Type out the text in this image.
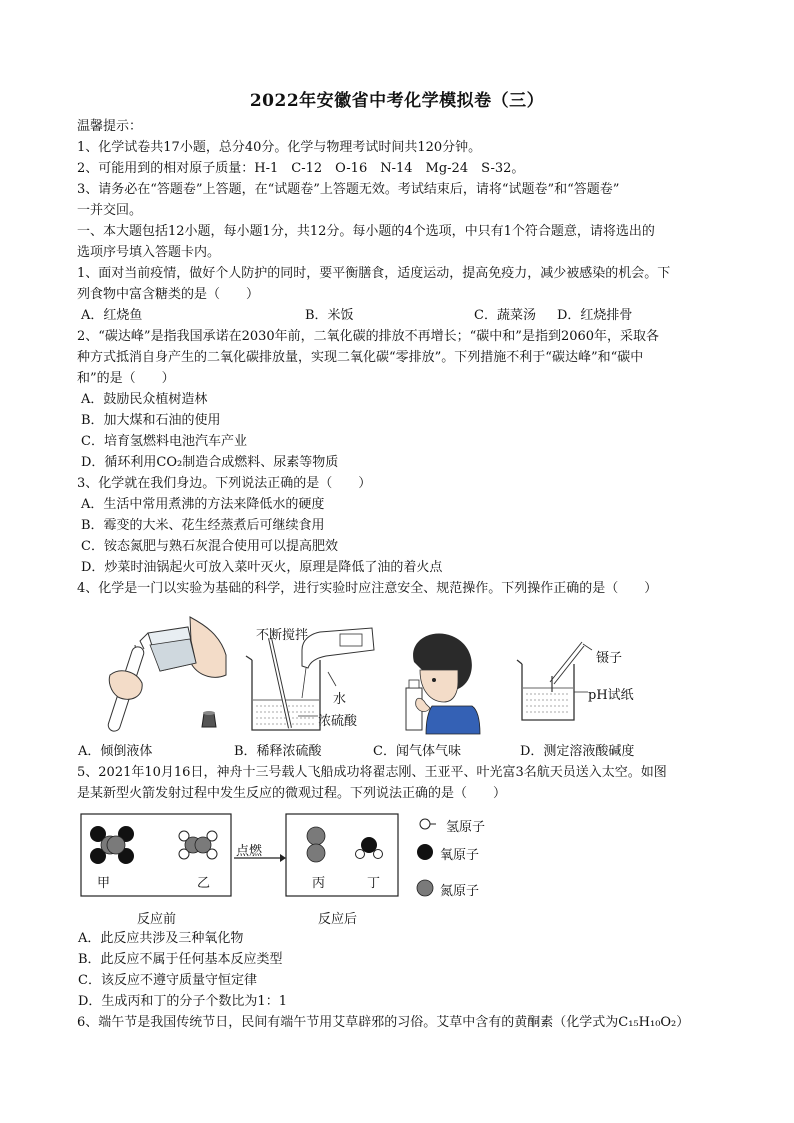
2022年安徽省中考化学模拟卷（三）
温馨提示：
1、化学试卷共17小题，总分40分。化学与物理考试时间共120分钟。
2、可能用到的相对原子质量：H-1　C-12　O-16　N-14　Mg-24　S-32。
3、请务必在“答题卷”上答题，在“试题卷”上答题无效。考试结束后，请将“试题卷”和“答题卷”
一并交回。
一、本大题包括12小题，每小题1分，共12分。每小题的4个选项，中只有1个符合题意，请将选出的
选项序号填入答题卡内。
1、面对当前疫情，做好个人防护的同时，要平衡膳食，适度运动，提高免疫力，减少被感染的机会。下
列食物中富含糖类的是（　　）
A．红烧鱼	B．米饭	C．蔬菜汤 D．红烧排骨
2、“碳达峰”是指我国承诺在2030年前，二氧化碳的排放不再增长；“碳中和”是指到2060年，采取各
种方式抵消自身产生的二氧化碳排放量，实现二氧化碳“零排放”。下列措施不利于“碳达峰”和“碳中
和”的是（　　）
A．鼓励民众植树造林
B．加大煤和石油的使用
C．培育氢燃料电池汽车产业
D．循环利用CO₂制造合成燃料、尿素等物质
3、化学就在我们身边。下列说法正确的是（　　）
A．生活中常用煮沸的方法来降低水的硬度
B．霉变的大米、花生经蒸煮后可继续食用
C．铵态氮肥与熟石灰混合使用可以提高肥效
D．炒菜时油锅起火可放入菜叶灭火，原理是降低了油的着火点
4、化学是一门以实验为基础的科学，进行实验时应注意安全、规范操作。下列操作正确的是（　　）
不断搅拌
水
浓硫酸
镊子
pH试纸
A．倾倒液体	B．稀释浓硫酸	C．闻气体气味	D．测定溶液酸碱度
5、2021年10月16日，神舟十三号载人飞船成功将翟志刚、王亚平、叶光富3名航天员送入太空。如图
是某新型火箭发射过程中发生反应的微观过程。下列说法正确的是（　　）
甲	乙
点燃
丙	丁
氢原子
氧原子
氮原子
反应前	反应后
A．此反应共涉及三种氧化物
B．此反应不属于任何基本反应类型
C．该反应不遵守质量守恒定律
D．生成丙和丁的分子个数比为1：1
6、端午节是我国传统节日，民间有端午节用艾草辟邪的习俗。艾草中含有的黄酮素（化学式为C₁₅H₁₀O₂）
